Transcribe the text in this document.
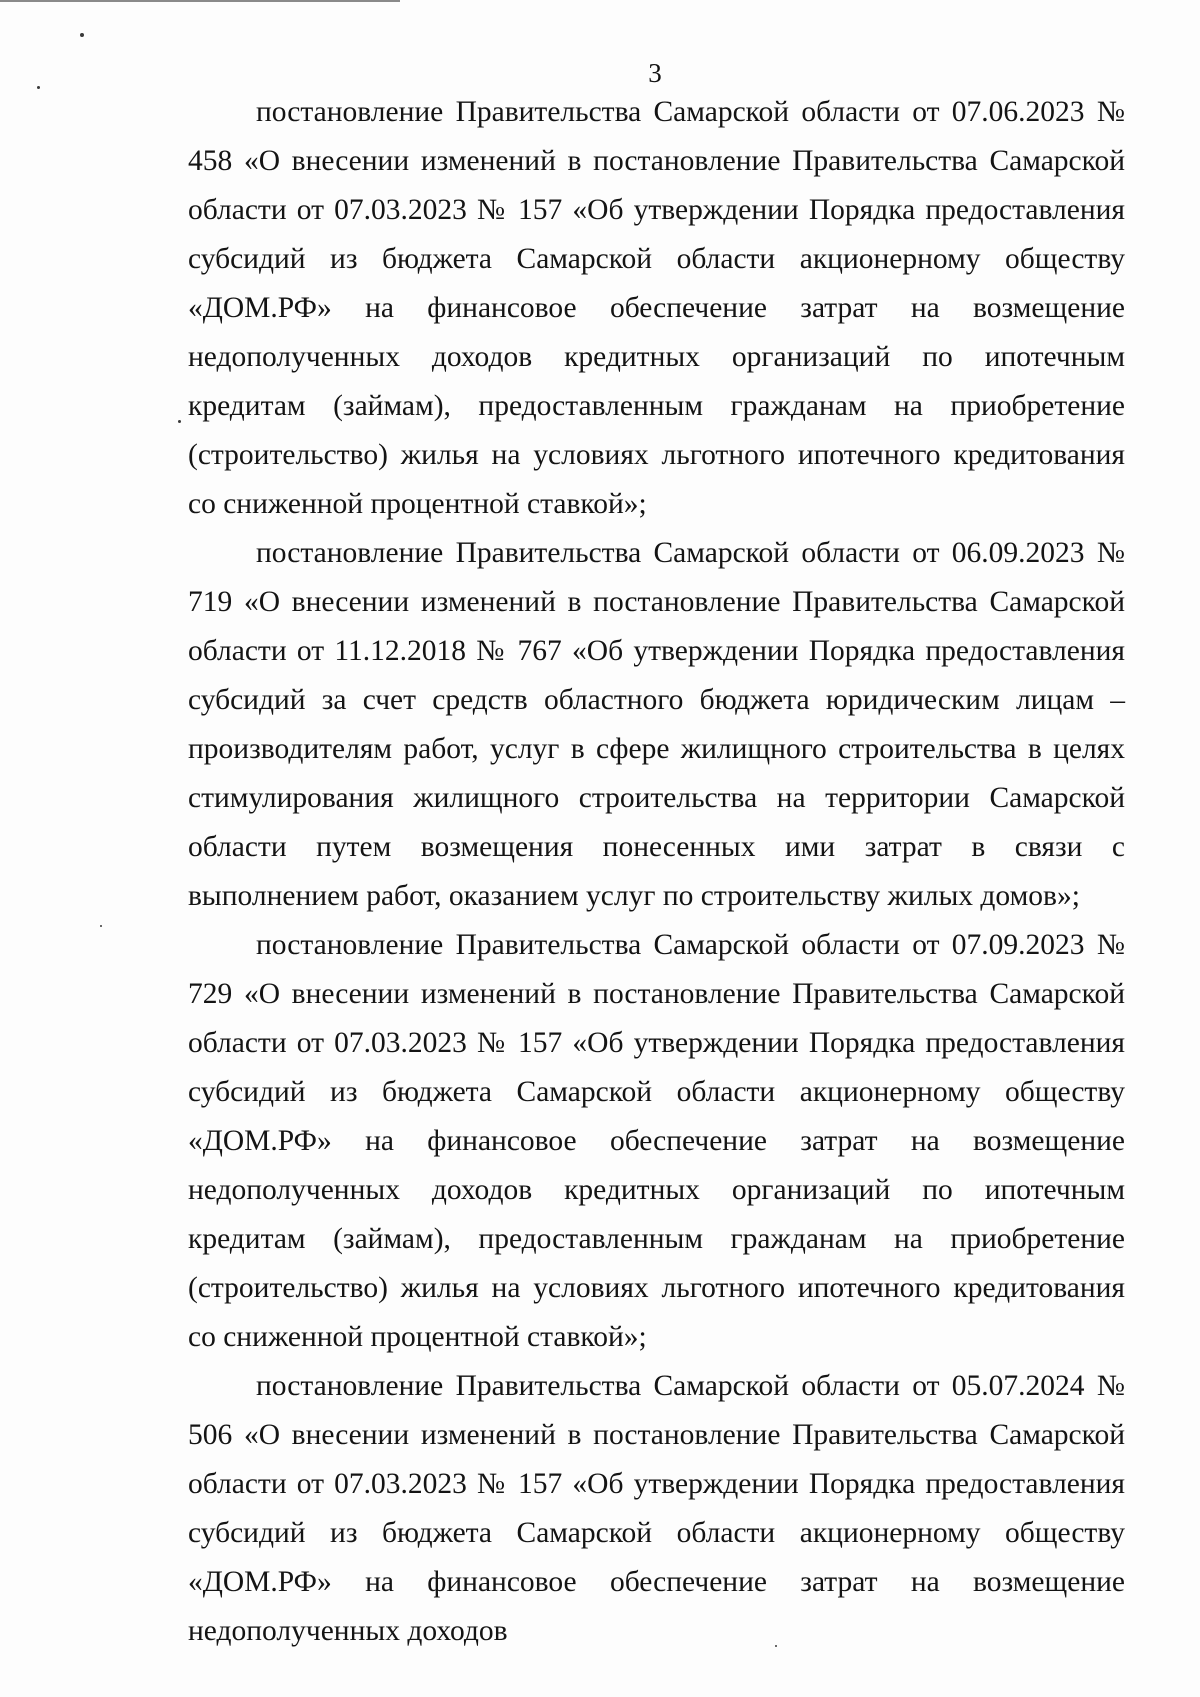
3

постановление Правительства Самарской области от 07.06.2023 № 458 «О внесении изменений в постановление Правительства Самарской области от 07.03.2023 № 157 «Об утверждении Порядка предоставления субсидий из бюджета Самарской области акционерному обществу «ДОМ.РФ» на финансовое обеспечение затрат на возмещение недополученных доходов кредитных организаций по ипотечным кредитам (займам), предоставленным гражданам на приобретение (строительство) жилья на условиях льготного ипотечного кредитования со сниженной процентной ставкой»;

постановление Правительства Самарской области от 06.09.2023 № 719 «О внесении изменений в постановление Правительства Самарской области от 11.12.2018 № 767 «Об утверждении Порядка предоставления субсидий за счет средств областного бюджета юридическим лицам – производителям работ, услуг в сфере жилищного строительства в целях стимулирования жилищного строительства на территории Самарской области путем возмещения понесенных ими затрат в связи с выполнением работ, оказанием услуг по строительству жилых домов»;

постановление Правительства Самарской области от 07.09.2023 № 729 «О внесении изменений в постановление Правительства Самарской области от 07.03.2023 № 157 «Об утверждении Порядка предоставления субсидий из бюджета Самарской области акционерному обществу «ДОМ.РФ» на финансовое обеспечение затрат на возмещение недополученных доходов кредитных организаций по ипотечным кредитам (займам), предоставленным гражданам на приобретение (строительство) жилья на условиях льготного ипотечного кредитования со сниженной процентной ставкой»;

постановление Правительства Самарской области от 05.07.2024 № 506 «О внесении изменений в постановление Правительства Самарской области от 07.03.2023 № 157 «Об утверждении Порядка предоставления субсидий из бюджета Самарской области акционерному обществу «ДОМ.РФ» на финансовое обеспечение затрат на возмещение недополученных доходов
